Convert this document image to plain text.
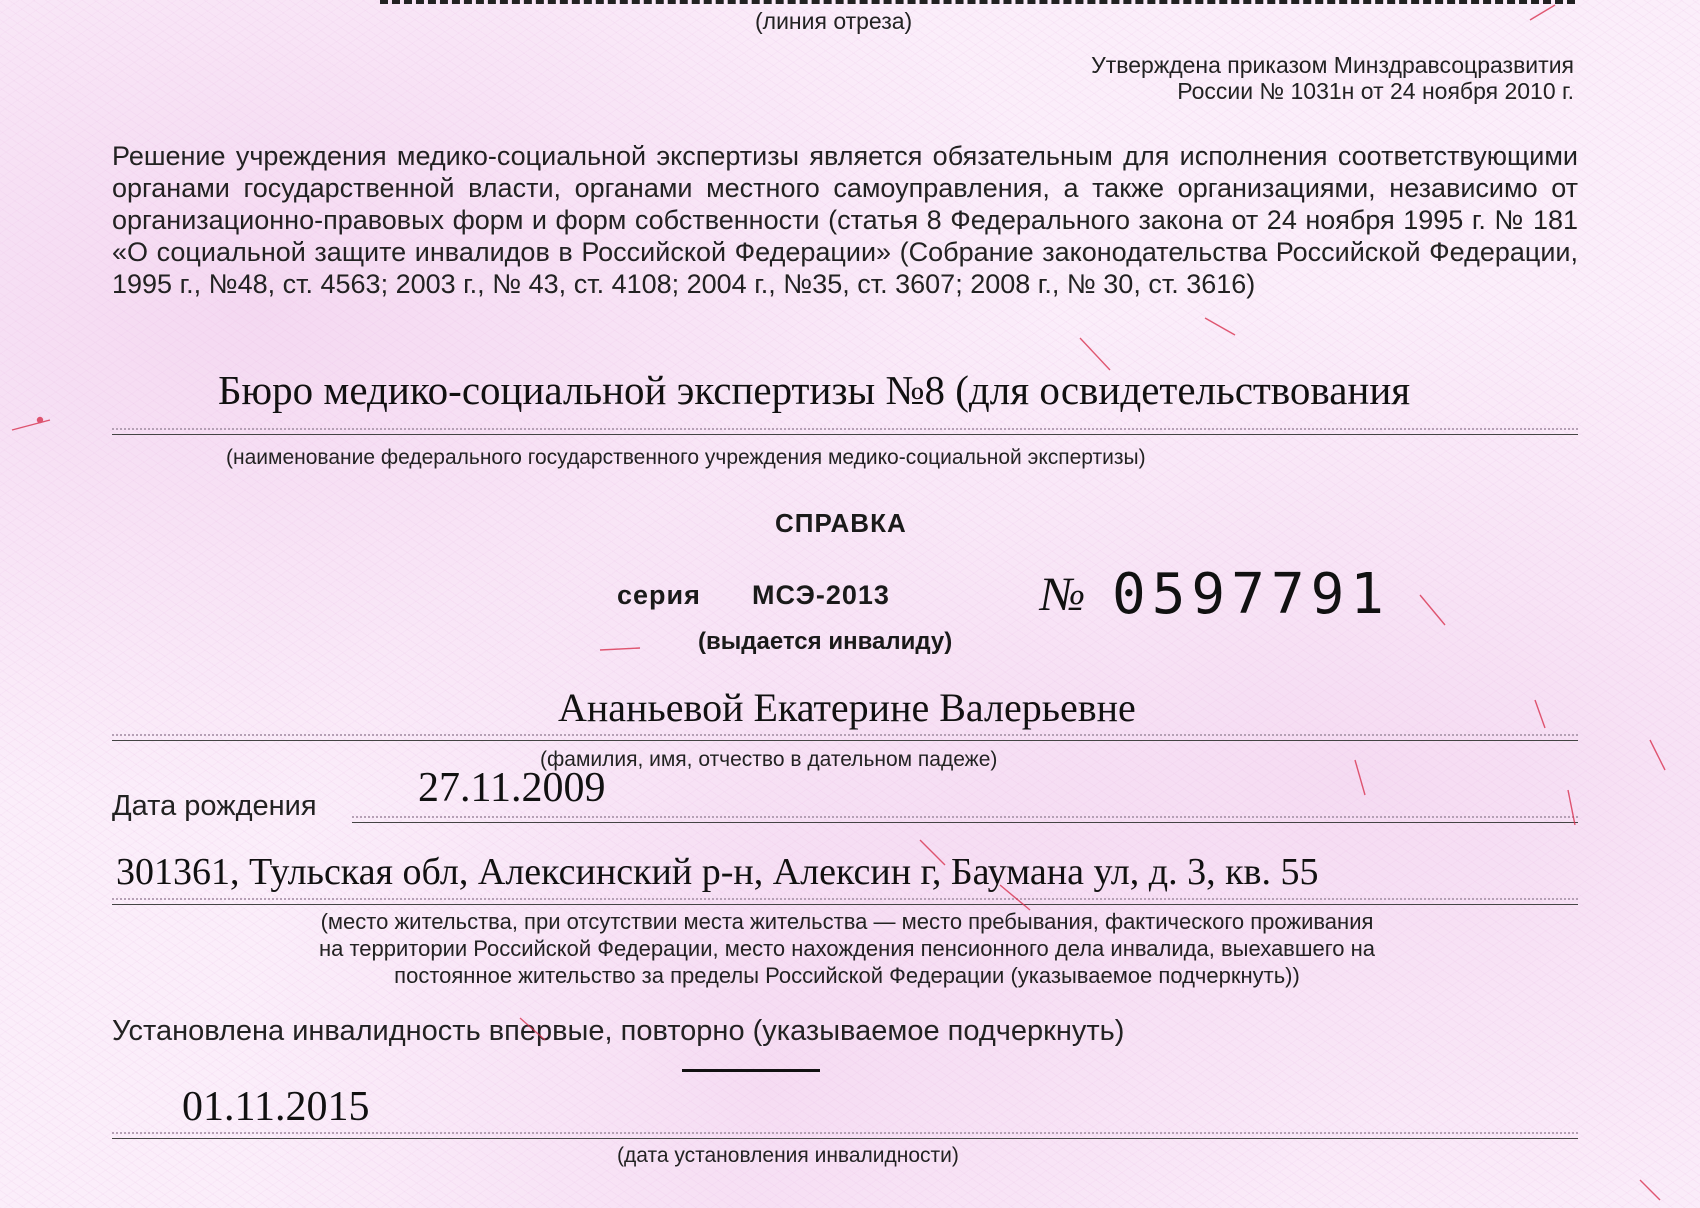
(линия отреза)
Утверждена приказом Минздравсоцразвития
России № 1031н от 24 ноября 2010 г.
Решение учреждения медико-социальной экспертизы является обязательным для исполнения соответствующими органами государственной власти, органами местного самоуправления, а также организациями, независимо от организационно-правовых форм и форм собственности (статья 8 Федерального закона от 24 ноября 1995 г. № 181 «О социальной защите инвалидов в Российской Федерации» (Собрание законодательства Российской Федерации, 1995 г., №48, ст. 4563; 2003 г., № 43, ст. 4108; 2004 г., №35, ст. 3607; 2008 г., № 30, ст. 3616)
Бюро медико-социальной экспертизы №8 (для освидетельствования
(наименование федерального государственного учреждения медико-социальной экспертизы)
СПРАВКА
серия МСЭ-2013	№ 0597791
(выдается инвалиду)
Ананьевой Екатерине Валерьевне
(фамилия, имя, отчество в дательном падеже)
Дата рождения 27.11.2009
301361, Тульская обл, Алексинский р-н, Алексин г, Баумана ул, д. 3, кв. 55
(место жительства, при отсутствии места жительства — место пребывания, фактического проживания
на территории Российской Федерации, место нахождения пенсионного дела инвалида, выехавшего на
постоянное жительство за пределы Российской Федерации (указываемое подчеркнуть))
Установлена инвалидность впервые, повторно (указываемое подчеркнуть)
01.11.2015
(дата установления инвалидности)
